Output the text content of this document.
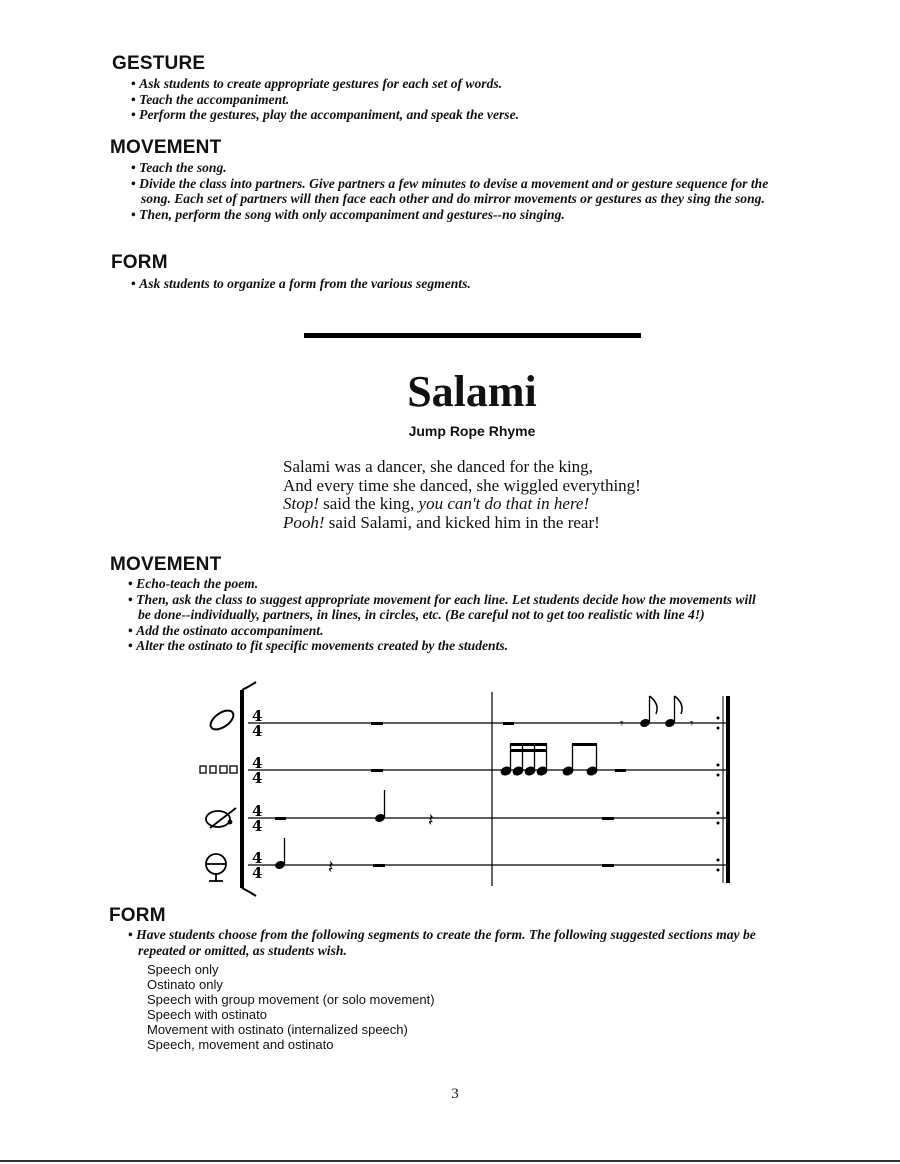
GESTURE
• Ask students to create appropriate gestures for each set of words.
• Teach the accompaniment.
• Perform the gestures, play the accompaniment, and speak the verse.
MOVEMENT
• Teach the song.
• Divide the class into partners. Give partners a few minutes to devise a movement and or gesture sequence for the song. Each set of partners will then face each other and do mirror movements or gestures as they sing the song.
• Then, perform the song with only accompaniment and gestures--no singing.
FORM
• Ask students to organize a form from the various segments.
Salami
Jump Rope Rhyme
Salami was a dancer, she danced for the king,
And every time she danced, she wiggled everything!
Stop! said the king, you can't do that in here!
Pooh! said Salami, and kicked him in the rear!
MOVEMENT
• Echo-teach the poem.
• Then, ask the class to suggest appropriate movement for each line. Let students decide how the movements will be done--individually, partners, in lines, in circles, etc. (Be careful not to get too realistic with line 4!)
• Add the ostinato accompaniment.
• Alter the ostinato to fit specific movements created by the students.
4
4
4
4
4
4
4
4
𝄽
𝄽
𝄾	𝄾
FORM
• Have students choose from the following segments to create the form. The following suggested sections may be repeated or omitted, as students wish.
Speech only
Ostinato only
Speech with group movement (or solo movement)
Speech with ostinato
Movement with ostinato (internalized speech)
Speech, movement and ostinato
3
